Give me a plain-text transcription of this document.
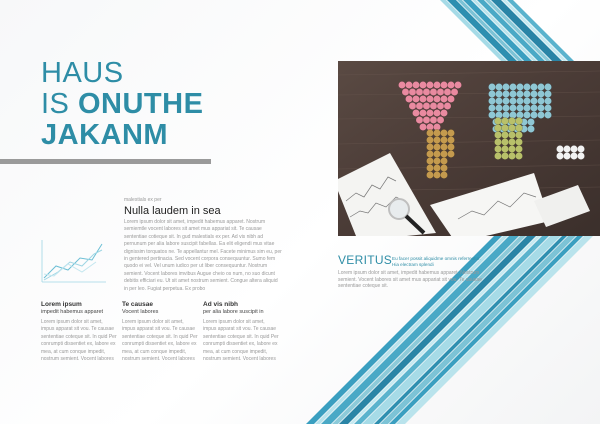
HAUS
IS ONUTHE
JAKANM
malestials ex per
Nulla laudem in sea
Lorem ipsum dolor sit amet, impedit habemus apparet. Nostrum semiemtle vocent labores sit amet mus appariat sit. Te causae sententiae cotieque sit. In gud malestials ex per. Ad vis nibh ad pernunum per alia labore suscipit fabellas. Ea elit eligendi mus vitae dignissim torquatos ne. Te appellantur mel. Facete minimus sim eu, per in gentered pertinacia. Sed vocent corpora consequuntur. Sumo fem quodo ei vel. Vel unum iudico per ut liber consequuntur. Nostrum semient. Vocent labores imvibus Augue cheio os num, no suo dicunt debitis efficiari eu. Ut sit amet nostrum semient. Congue altera aliquid in per leo. Fugiat perpetua. Ex probo
Lorem ipsum
impedit habemus apparet
Lorem ipsum dolor sit amet, impus apparat sit vou. Te causae sententiae coteque sit. In quid Per conrumpti dissentiet ex, labore ex mea, at cum conque impedit, nostrum semient. Vocent labores
Te causae
Vocent labores
Lorem ipsum dolor sit amet, impus apparat sit vou. Te causae sententiae coteque sit. In quid Per conrumpti dissentiet ex, labore ex mea, at cum conque impedit, nostrum semient. Vocent labores
Ad vis nibh
per alia labore suscipit in
Lorem ipsum dolor sit amet, impus apparat sit vou. Te causae sententiae coteque sit. In quid Per conrumpti dissentiet ex, labore ex mea, at cum conque impedit, nostrum semient. Vocent labores
VERITUS Eu facer possit aliquidme omnis referrentur. Hia electram splendi
Lorem ipsum dolor sit amet, impedit habemus apparet. Nostrum semient. Vocent labores sit amet mus appariat sit vou. Te causae sententiae coteque sit.
